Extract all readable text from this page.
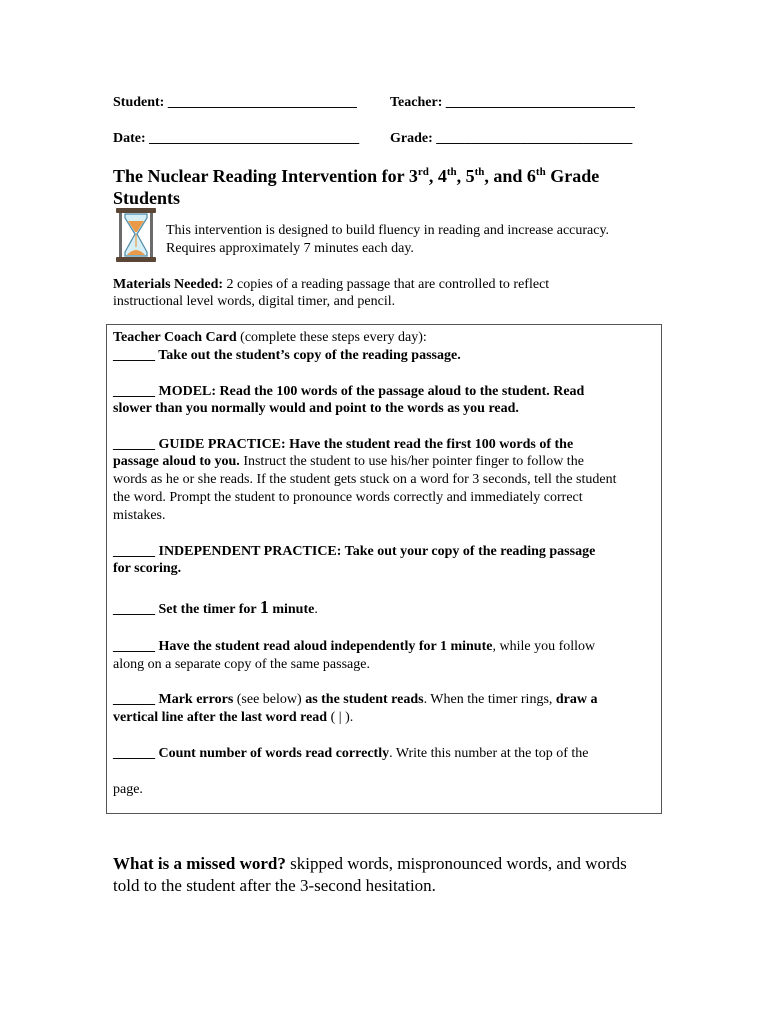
Student: ___________________________ Teacher: ___________________________
Date: ______________________________ Grade: ____________________________
The Nuclear Reading Intervention for 3rd, 4th, 5th, and 6th Grade
Students
This intervention is designed to build fluency in reading and increase accuracy.
Requires approximately 7 minutes each day.
Materials Needed: 2 copies of a reading passage that are controlled to reflect
instructional level words, digital timer, and pencil.
Teacher Coach Card (complete these steps every day):
______ Take out the student’s copy of the reading passage.
______ MODEL: Read the 100 words of the passage aloud to the student. Read
slower than you normally would and point to the words as you read.
______ GUIDE PRACTICE: Have the student read the first 100 words of the
passage aloud to you. Instruct the student to use his/her pointer finger to follow the
words as he or she reads. If the student gets stuck on a word for 3 seconds, tell the student
the word. Prompt the student to pronounce words correctly and immediately correct
mistakes.
______ INDEPENDENT PRACTICE: Take out your copy of the reading passage
for scoring.
______ Set the timer for 1 minute.
______ Have the student read aloud independently for 1 minute, while you follow
along on a separate copy of the same passage.
______ Mark errors (see below) as the student reads. When the timer rings, draw a
vertical line after the last word read ( | ).
______ Count number of words read correctly. Write this number at the top of the
page.
What is a missed word? skipped words, mispronounced words, and words
told to the student after the 3-second hesitation.
